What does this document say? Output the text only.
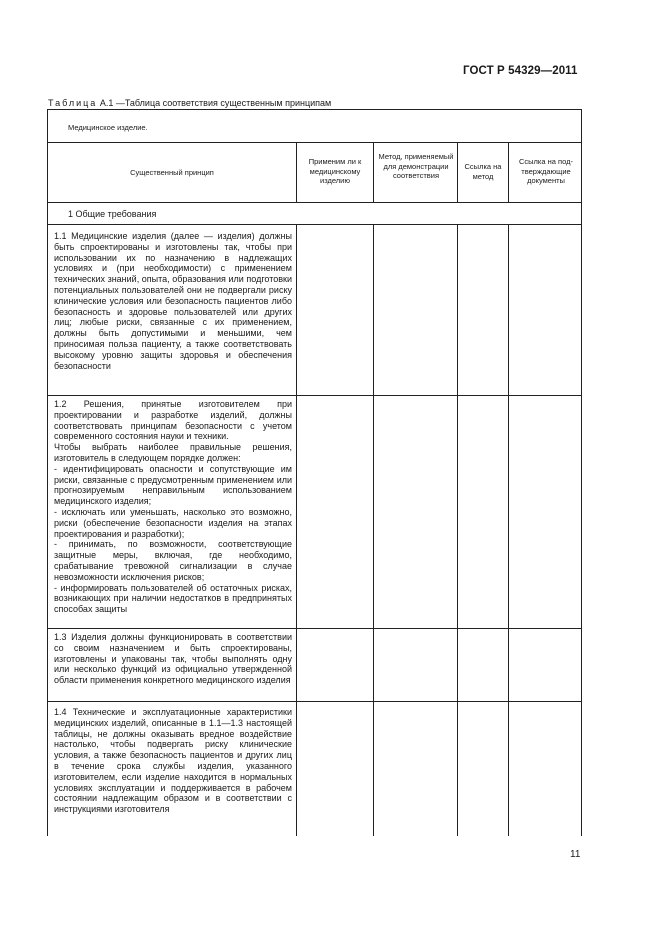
ГОСТ Р 54329—2011
Таблица А.1 —Таблица соответствия существенным принципам
Медицинское изделие.
Существенный принцип
Применим ли к медицинскому изделию
Метод, применяемый для демонстрации соответствия
Ссылка на метод
Ссылка на под-тверждающие документы
1 Общие требования
1.1 Медицинские изделия (далее — изделия) должны быть спроектированы и изготовлены так, чтобы при использовании их по назначению в надлежащих условиях и (при необходимости) с применением технических знаний, опыта, образования или подготовки потенциальных пользователей они не подвергали риску клинические условия или безопасность пациентов либо безопасность и здоровье пользователей или других лиц; любые риски, связанные с их применением, должны быть допустимыми и меньшими, чем приносимая польза пациенту, а также соответствовать высокому уровню защиты здоровья и обеспечения безопасности
1.2 Решения, принятые изготовителем при проектировании и разработке изделий, должны соответствовать принципам безопасности с учетом современного состояния науки и техники.
Чтобы выбрать наиболее правильные решения, изготовитель в следующем порядке должен:
- идентифицировать опасности и сопутствующие им риски, связанные с предусмотренным применением или прогнозируемым неправильным использованием медицинского изделия;
- исключать или уменьшать, насколько это возможно, риски (обеспечение безопасности изделия на этапах проектирования и разработки);
- принимать, по возможности, соответствующие защитные меры, включая, где необходимо, срабатывание тревожной сигнализации в случае невозможности исключения рисков;
- информировать пользователей об остаточных рисках, возникающих при наличии недостатков в предпринятых способах защиты
1.3 Изделия должны функционировать в соответствии со своим назначением и быть спроектированы, изготовлены и упакованы так, чтобы выполнять одну или несколько функций из официально утвержденной области применения конкретного медицинского изделия
1.4 Технические и эксплуатационные характеристики медицинских изделий, описанные в 1.1—1.3 настоящей таблицы, не должны оказывать вредное воздействие настолько, чтобы подвергать риску клинические условия, а также безопасность пациентов и других лиц в течение срока службы изделия, указанного изготовителем, если изделие находится в нормальных условиях эксплуатации и поддерживается в рабочем состоянии надлежащим образом и в соответствии с инструкциями изготовителя
11
